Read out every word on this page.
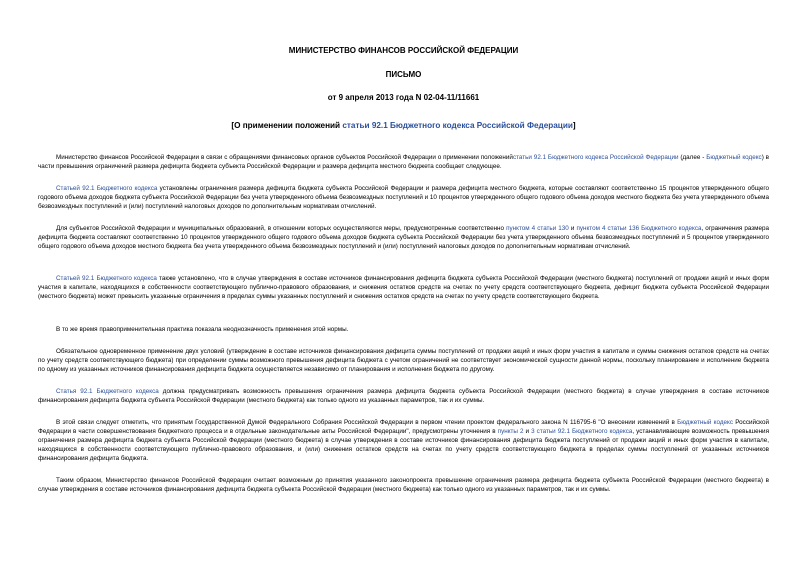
МИНИСТЕРСТВО ФИНАНСОВ РОССИЙСКОЙ ФЕДЕРАЦИИ
ПИСЬМО
от 9 апреля 2013 года N 02-04-11/11661
[О применении положений статьи 92.1 Бюджетного кодекса Российской Федерации]

Министерство финансов Российской Федерации в связи с обращениями финансовых органов субъектов Российской Федерации о применении положенийстатьи 92.1 Бюджетного кодекса Российской Федерации (далее - Бюджетный кодекс) в части превышения ограничений размера дефицита бюджета субъекта Российской Федерации и размера дефицита местного бюджета сообщает следующее.

Статьей 92.1 Бюджетного кодекса установлены ограничения размера дефицита бюджета субъекта Российской Федерации и размера дефицита местного бюджета, которые составляют соответственно 15 процентов утвержденного общего годового объема доходов бюджета субъекта Российской Федерации без учета утвержденного объема безвозмездных поступлений и 10 процентов утвержденного общего годового объема доходов местного бюджета без учета утвержденного объема безвозмездных поступлений и (или) поступлений налоговых доходов по дополнительным нормативам отчислений.

Для субъектов Российской Федерации и муниципальных образований, в отношении которых осуществляются меры, предусмотренные соответственно пунктом 4 статьи 130 и пунктом 4 статьи 136 Бюджетного кодекса, ограничения размера дефицита бюджета составляют соответственно 10 процентов утвержденного общего годового объема доходов бюджета субъекта Российской Федерации без учета утвержденного объема безвозмездных поступлений и 5 процентов утвержденного общего годового объема доходов местного бюджета без учета утвержденного объема безвозмездных поступлений и (или) поступлений налоговых доходов по дополнительным нормативам отчислений.

Статьей 92.1 Бюджетного кодекса также установлено, что в случае утверждения в составе источников финансирования дефицита бюджета субъекта Российской Федерации (местного бюджета) поступлений от продажи акций и иных форм участия в капитале, находящихся в собственности соответствующего публично-правового образования, и снижения остатков средств на счетах по учету средств соответствующего бюджета, дефицит бюджета субъекта Российской Федерации (местного бюджета) может превысить указанные ограничения в пределах суммы указанных поступлений и снижения остатков средств на счетах по учету средств соответствующего бюджета.

В то же время правоприменительная практика показала неоднозначность применения этой нормы.

Обязательное одновременное применение двух условий (утверждение в составе источников финансирования дефицита суммы поступлений от продажи акций и иных форм участия в капитале и суммы снижения остатков средств на счетах по учету средств соответствующего бюджета) при определении суммы возможного превышения дефицита бюджета с учетом ограничений не соответствует экономической сущности данной нормы, поскольку планирование и исполнение бюджета по одному из указанных источников финансирования дефицита бюджета осуществляется независимо от планирования и исполнения бюджета по другому.

Статья 92.1 Бюджетного кодекса должна предусматривать возможность превышения ограничения размера дефицита бюджета субъекта Российской Федерации (местного бюджета) в случае утверждения в составе источников финансирования дефицита бюджета субъекта Российской Федерации (местного бюджета) как только одного из указанных параметров, так и их суммы.

В этой связи следует отметить, что принятым Государственной Думой Федерального Собрания Российской Федерации в первом чтении проектом федерального закона N 116795-6 "О внесении изменений в Бюджетный кодекс Российской Федерации в части совершенствования бюджетного процесса и в отдельные законодательные акты Российской Федерации", предусмотрены уточнения в пункты 2 и 3 статьи 92.1 Бюджетного кодекса, устанавливающие возможность превышения ограничения размера дефицита бюджета субъекта Российской Федерации (местного бюджета) в случае утверждения в составе источников финансирования дефицита бюджета поступлений от продажи акций и иных форм участия в капитале, находящихся в собственности соответствующего публично-правового образования, и (или) снижения остатков средств на счетах по учету средств соответствующего бюджета в пределах суммы поступлений от указанных источников финансирования дефицита бюджета.

Таким образом, Министерство финансов Российской Федерации считает возможным до принятия указанного законопроекта превышение ограничения размера дефицита бюджета субъекта Российской Федерации (местного бюджета) в случае утверждения в составе источников финансирования дефицита бюджета субъекта Российской Федерации (местного бюджета) как только одного из указанных параметров, так и их суммы.
